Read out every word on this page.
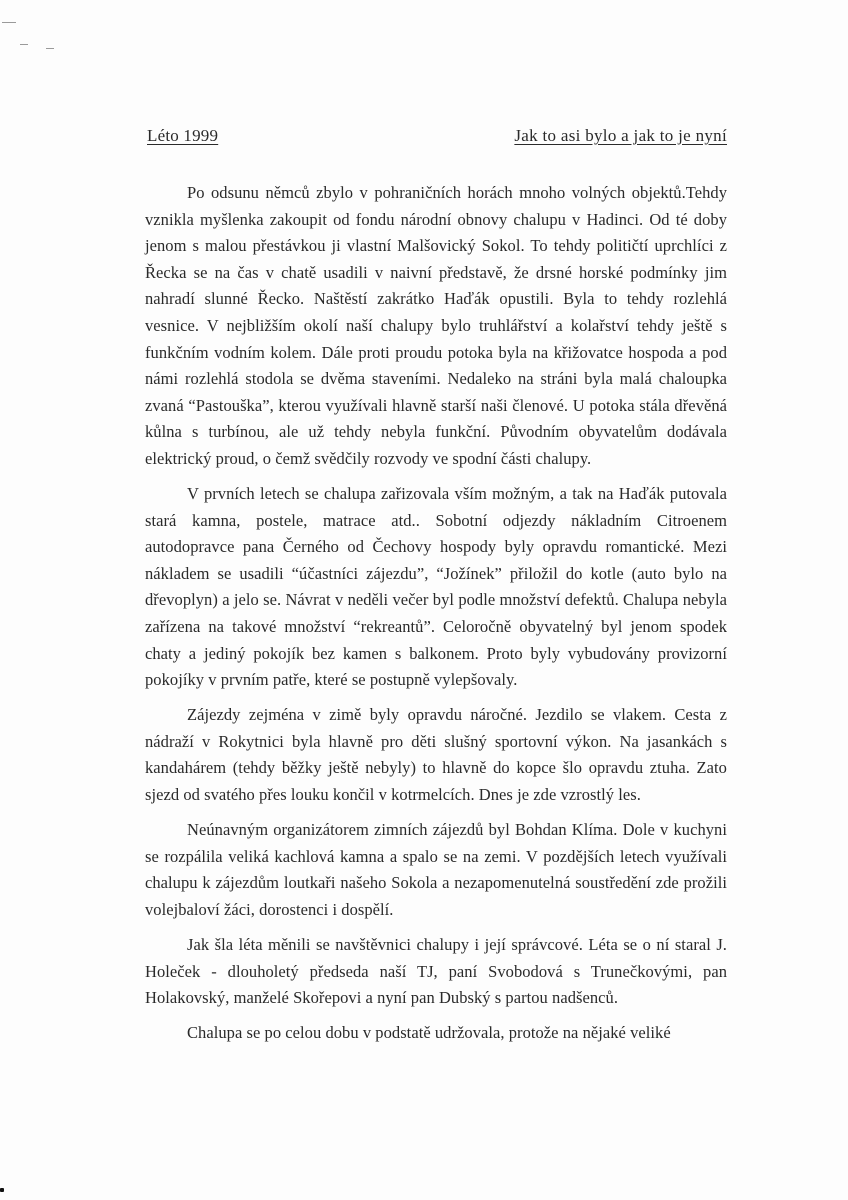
Léto 1999	Jak to asi bylo a jak to je nyní

Po odsunu němců zbylo v pohraničních horách mnoho volných objektů.Tehdy vznikla myšlenka zakoupit od fondu národní obnovy chalupu v Hadinci. Od té doby jenom s malou přestávkou ji vlastní Malšovický Sokol. To tehdy političtí uprchlíci z Řecka se na čas v chatě usadili v naivní představě, že drsné horské podmínky jim nahradí slunné Řecko. Naštěstí zakrátko Haďák opustili. Byla to tehdy rozlehlá vesnice. V nejbližším okolí naší chalupy bylo truhlářství a kolařství tehdy ještě s funkčním vodním kolem. Dále proti proudu potoka byla na křižovatce hospoda a pod námi rozlehlá stodola se dvěma staveními. Nedaleko na stráni byla malá chaloupka zvaná “Pastouška”, kterou využívali hlavně starší naši členové. U potoka stála dřevěná kůlna s turbínou, ale už tehdy nebyla funkční. Původním obyvatelům dodávala elektrický proud, o čemž svědčily rozvody ve spodní části chalupy.

V prvních letech se chalupa zařizovala vším možným, a tak na Haďák putovala stará kamna, postele, matrace atd.. Sobotní odjezdy nákladním Citroenem autodopravce pana Černého od Čechovy hospody byly opravdu romantické. Mezi nákladem se usadili “účastníci zájezdu”, “Jožínek” přiložil do kotle (auto bylo na dřevoplyn) a jelo se. Návrat v neděli večer byl podle množství defektů. Chalupa nebyla zařízena na takové množství “rekreantů”. Celoročně obyvatelný byl jenom spodek chaty a jediný pokojík bez kamen s balkonem. Proto byly vybudovány provizorní pokojíky v prvním patře, které se postupně vylepšovaly.

Zájezdy zejména v zimě byly opravdu náročné. Jezdilo se vlakem. Cesta z nádraží v Rokytnici byla hlavně pro děti slušný sportovní výkon. Na jasankách s kandahárem (tehdy běžky ještě nebyly) to hlavně do kopce šlo opravdu ztuha. Zato sjezd od svatého přes louku končil v kotrmelcích. Dnes je zde vzrostlý les.

Neúnavným organizátorem zimních zájezdů byl Bohdan Klíma. Dole v kuchyni se rozpálila veliká kachlová kamna a spalo se na zemi. V pozdějších letech využívali chalupu k zájezdům loutkaři našeho Sokola a nezapomenutelná soustředění zde prožili volejbaloví žáci, dorostenci i dospělí.

Jak šla léta měnili se navštěvnici chalupy i její správcové. Léta se o ní staral J. Holeček - dlouholetý předseda naší TJ, paní Svobodová s Trunečkovými, pan Holakovský, manželé Skořepovi a nyní pan Dubský s partou nadšenců.

Chalupa se po celou dobu v podstatě udržovala, protože na nějaké veliké
